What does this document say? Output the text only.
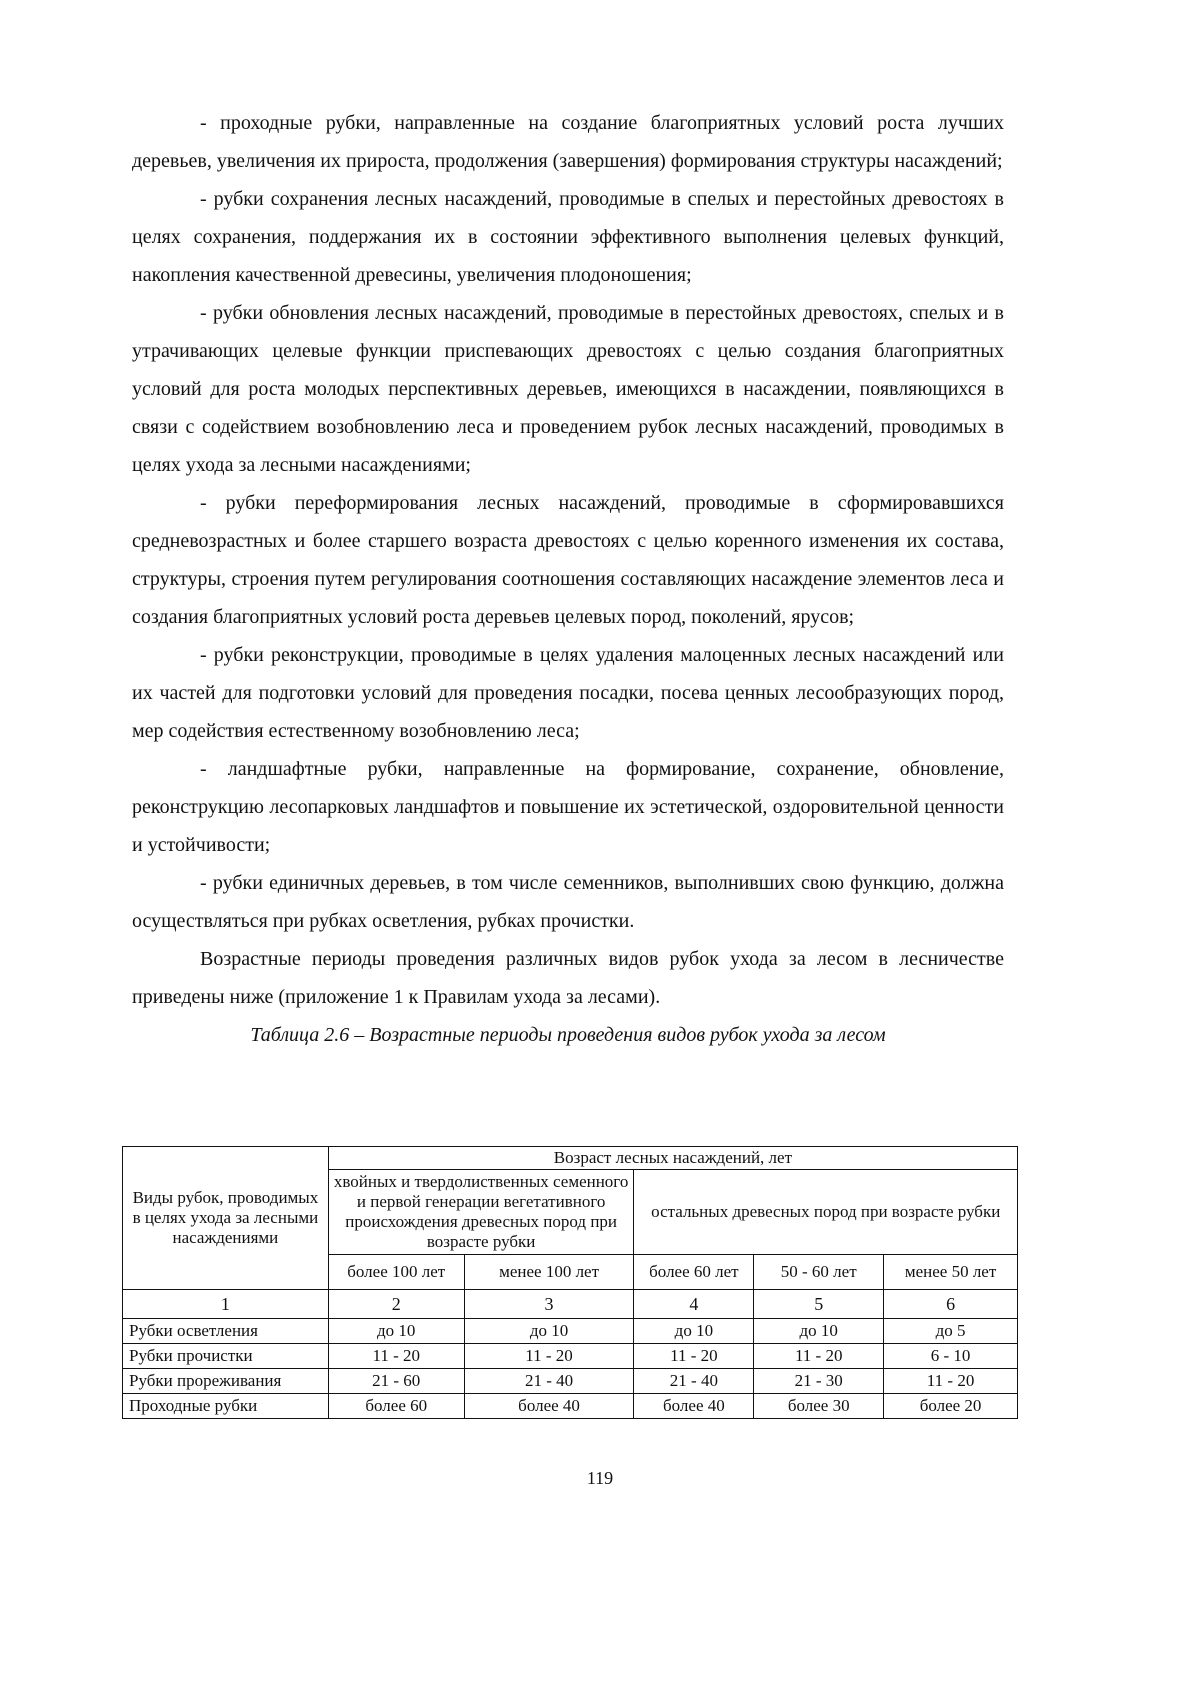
- проходные рубки, направленные на создание благоприятных условий роста лучших деревьев, увеличения их прироста, продолжения (завершения) формирования структуры насаждений;

- рубки сохранения лесных насаждений, проводимые в спелых и перестойных древостоях в целях сохранения, поддержания их в состоянии эффективного выполнения целевых функций, накопления качественной древесины, увеличения плодоношения;

- рубки обновления лесных насаждений, проводимые в перестойных древостоях, спелых и в утрачивающих целевые функции приспевающих древостоях с целью создания благоприятных условий для роста молодых перспективных деревьев, имеющихся в насаждении, появляющихся в связи с содействием возобновлению леса и проведением рубок лесных насаждений, проводимых в целях ухода за лесными насаждениями;

- рубки переформирования лесных насаждений, проводимые в сформировавшихся средневозрастных и более старшего возраста древостоях с целью коренного изменения их состава, структуры, строения путем регулирования соотношения составляющих насаждение элементов леса и создания благоприятных условий роста деревьев целевых пород, поколений, ярусов;

- рубки реконструкции, проводимые в целях удаления малоценных лесных насаждений или их частей для подготовки условий для проведения посадки, посева ценных лесообразующих пород, мер содействия естественному возобновлению леса;

- ландшафтные рубки, направленные на формирование, сохранение, обновление, реконструкцию лесопарковых ландшафтов и повышение их эстетической, оздоровительной ценности и устойчивости;

- рубки единичных деревьев, в том числе семенников, выполнивших свою функцию, должна осуществляться при рубках осветления, рубках прочистки.

Возрастные периоды проведения различных видов рубок ухода за лесом в лесничестве приведены ниже (приложение 1 к Правилам ухода за лесами).

Таблица 2.6 – Возрастные периоды проведения видов рубок ухода за лесом

Виды рубок, проводимых в целях ухода за лесными насаждениями	Возраст лесных насаждений, лет				
	хвойных и твердолиственных семенного и первой генерации вегетативного происхождения древесных пород при возрасте рубки		остальных древесных пород при возрасте рубки		
	более 100 лет	менее 100 лет	более 60 лет	50 - 60 лет	менее 50 лет
1	2	3	4	5	6
Рубки осветления	до 10	до 10	до 10	до 10	до 5
Рубки прочистки	11 - 20	11 - 20	11 - 20	11 - 20	6 - 10
Рубки прореживания	21 - 60	21 - 40	21 - 40	21 - 30	11 - 20
Проходные рубки	более 60	более 40	более 40	более 30	более 20
119
